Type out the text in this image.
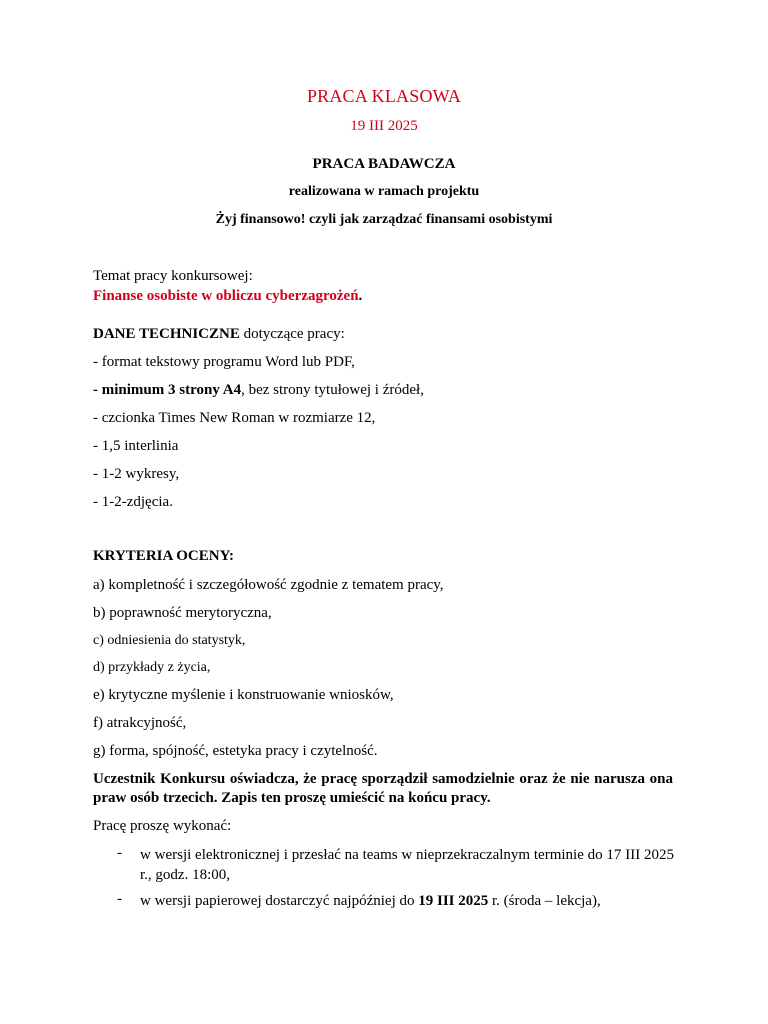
PRACA KLASOWA
19 III 2025
PRACA BADAWCZA
realizowana w ramach projektu
Żyj finansowo! czyli jak zarządzać finansami osobistymi
Temat pracy konkursowej:
Finanse osobiste w obliczu cyberzagrożeń.
DANE TECHNICZNE dotyczące pracy:
- format tekstowy programu Word lub PDF,
- minimum 3 strony A4, bez strony tytułowej i źródeł,
- czcionka Times New Roman w rozmiarze 12,
- 1,5 interlinia
- 1-2 wykresy,
- 1-2-zdjęcia.
KRYTERIA OCENY:
a) kompletność i szczegółowość zgodnie z tematem pracy,
b) poprawność merytoryczna,
c) odniesienia do statystyk,
d) przykłady z życia,
e) krytyczne myślenie i konstruowanie wniosków,
f) atrakcyjność,
g) forma, spójność, estetyka pracy i czytelność.
Uczestnik Konkursu oświadcza, że pracę sporządził samodzielnie oraz że nie narusza ona praw osób trzecich. Zapis ten proszę umieścić na końcu pracy.
Pracę proszę wykonać:
- w wersji elektronicznej i przesłać na teams w nieprzekraczalnym terminie do 17 III 2025 r., godz. 18:00,
- w wersji papierowej dostarczyć najpóźniej do 19 III 2025 r. (środa – lekcja),
